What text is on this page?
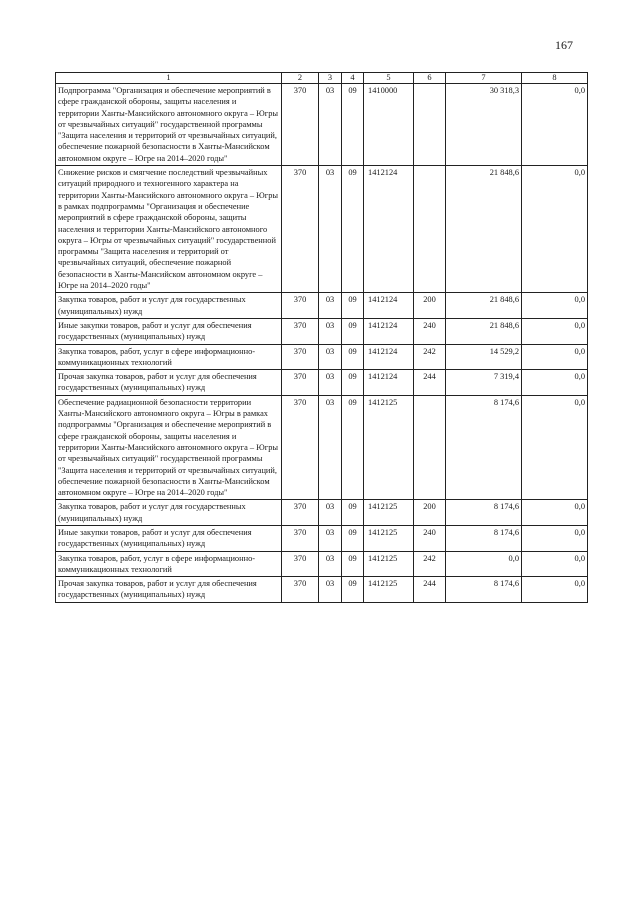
167
1	2	3	4	5	6	7	8
Подпрограмма "Организация и обеспечение мероприятий в сфере гражданской обороны, защиты населения и территории Ханты-Мансийского автономного округа – Югры от чрезвычайных ситуаций" государственной программы "Защита населения и территорий от чрезвычайных ситуаций, обеспечение пожарной безопасности в Ханты-Мансийском автономном округе – Югре на 2014–2020 годы"	370	03	09	1410000		30 318,3	0,0
Снижение рисков и смягчение последствий чрезвычайных ситуаций природного и техногенного характера на территории Ханты-Мансийского автономного округа – Югры в рамках подпрограммы "Организация и обеспечение мероприятий в сфере гражданской обороны, защиты населения и территории Ханты-Мансийского автономного округа – Югры от чрезвычайных ситуаций" государственной программы "Защита населения и территорий от чрезвычайных ситуаций, обеспечение пожарной безопасности в Ханты-Мансийском автономном округе – Югре на 2014–2020 годы"	370	03	09	1412124		21 848,6	0,0
Закупка товаров, работ и услуг для государственных (муниципальных) нужд	370	03	09	1412124	200	21 848,6	0,0
Иные закупки товаров, работ и услуг для обеспечения государственных (муниципальных) нужд	370	03	09	1412124	240	21 848,6	0,0
Закупка товаров, работ, услуг в сфере информационно-коммуникационных технологий	370	03	09	1412124	242	14 529,2	0,0
Прочая закупка товаров, работ и услуг для обеспечения государственных (муниципальных) нужд	370	03	09	1412124	244	7 319,4	0,0
Обеспечение радиационной безопасности территории Ханты-Мансийского автономного округа – Югры в рамках подпрограммы "Организация и обеспечение мероприятий в сфере гражданской обороны, защиты населения и территории Ханты-Мансийского автономного округа – Югры от чрезвычайных ситуаций" государственной программы "Защита населения и территорий от чрезвычайных ситуаций, обеспечение пожарной безопасности в Ханты-Мансийском автономном округе – Югре на 2014–2020 годы"	370	03	09	1412125		8 174,6	0,0
Закупка товаров, работ и услуг для государственных (муниципальных) нужд	370	03	09	1412125	200	8 174,6	0,0
Иные закупки товаров, работ и услуг для обеспечения государственных (муниципальных) нужд	370	03	09	1412125	240	8 174,6	0,0
Закупка товаров, работ, услуг в сфере информационно-коммуникационных технологий	370	03	09	1412125	242	0,0	0,0
Прочая закупка товаров, работ и услуг для обеспечения государственных (муниципальных) нужд	370	03	09	1412125	244	8 174,6	0,0
